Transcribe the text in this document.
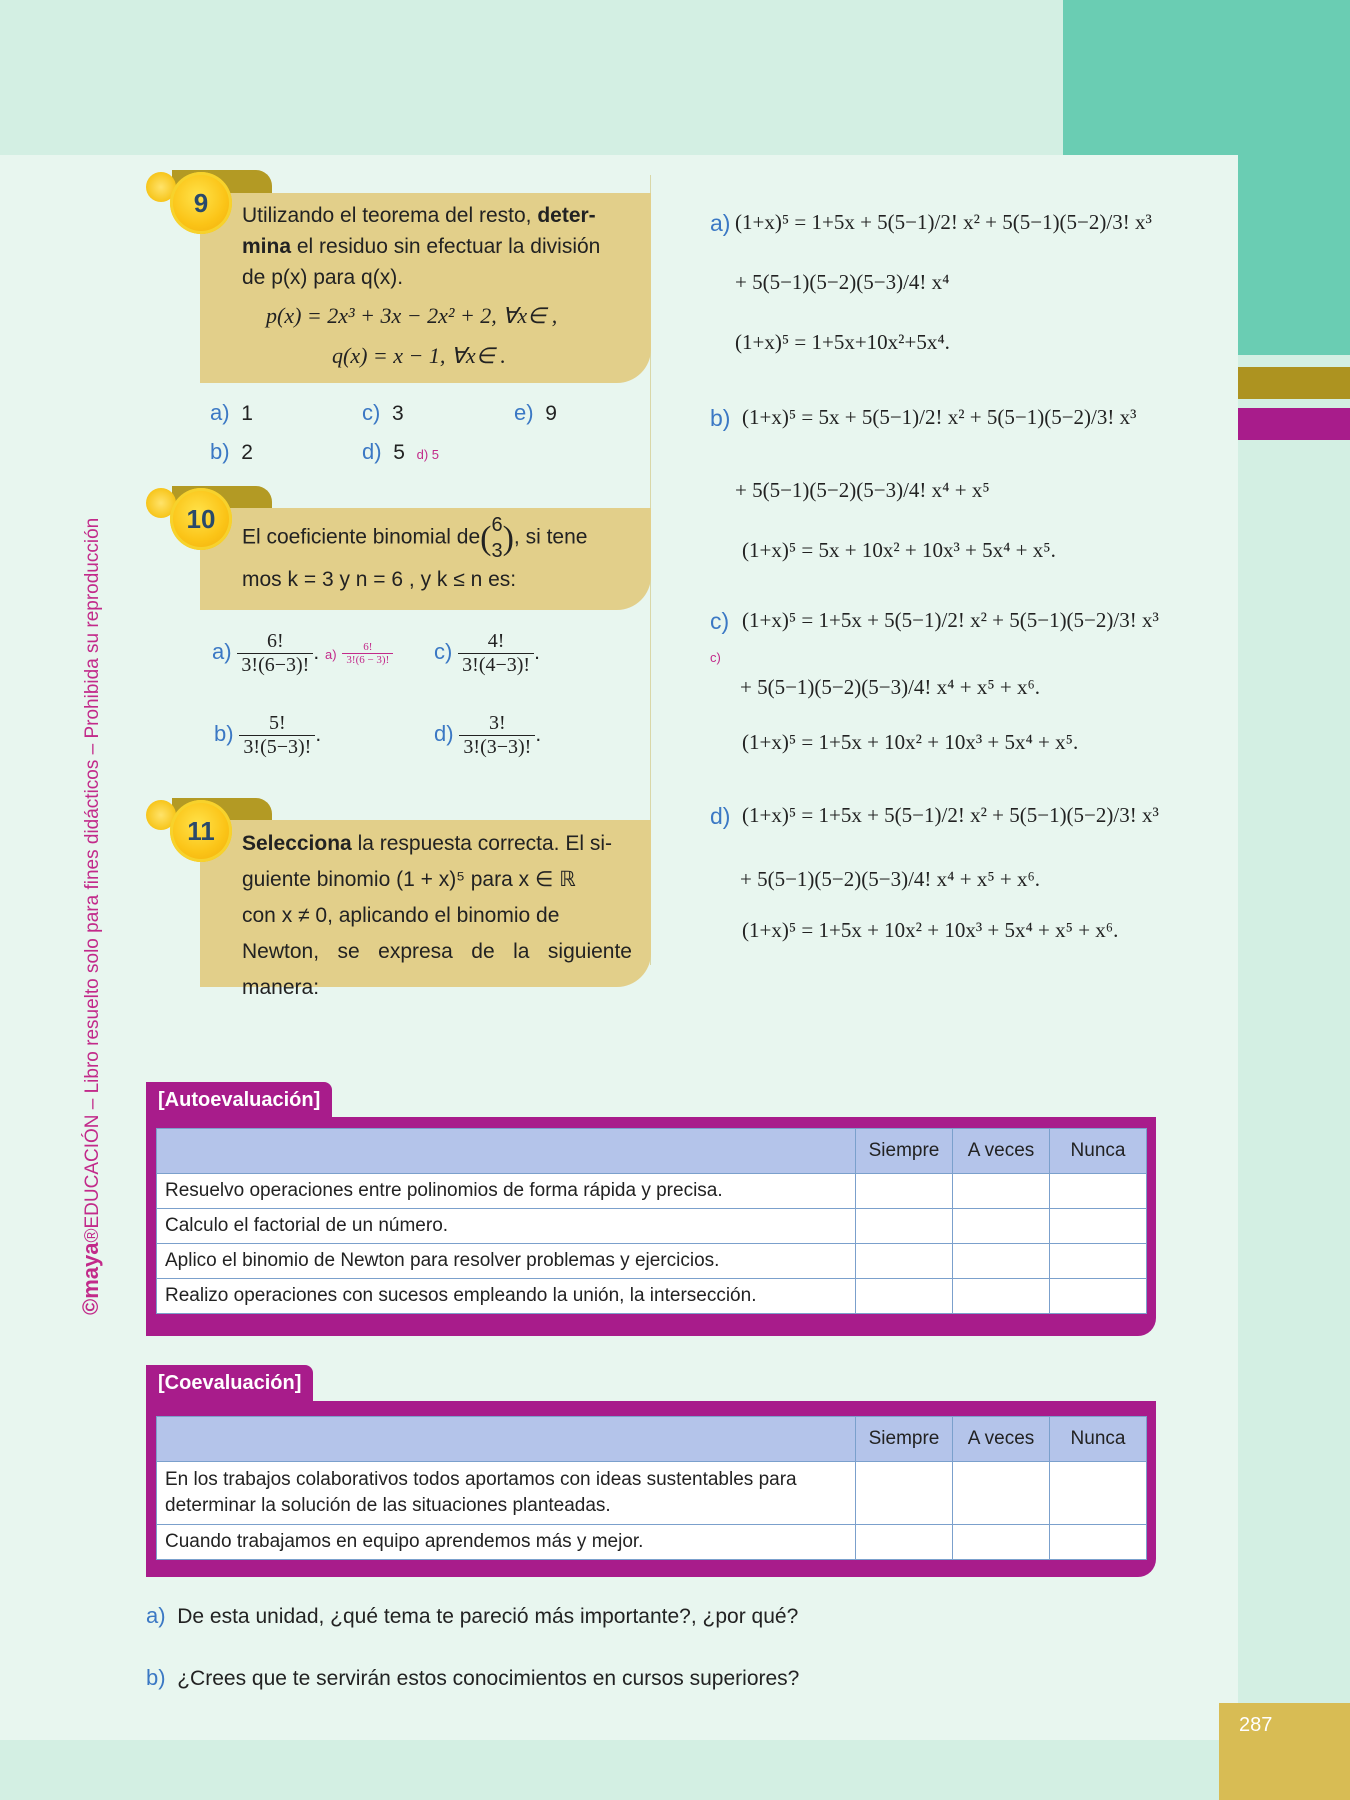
287
©maya®EDUCACIÓN – Libro resuelto solo para fines didácticos – Prohibida su reproducción
9	Utilizando el teorema del resto, deter-
mina el residuo sin efectuar la división
de p(x) para q(x).
p(x) = 2x³ + 3x − 2x² + 2, ∀x∈ ,
q(x) = x − 1, ∀x∈ .
a) 1
b) 2
c) 3
d) 5 d) 5
e) 9
10
El coeficiente binomial de(6
3), si tene
mos k = 3 y n = 6 , y k ≤ n es:
$a) \frac{6!}{3!(6-3)!}$ . $a) \frac{6!}{3!(6 - 3)!}$
$b) \frac{5!}{3!(5-3)!}$ .
$c) \frac{4!}{3!(4-3)!}$ .
$d) \frac{3!}{3!(3-3)!}$ .
11	Selecciona la respuesta correcta. El si-
guiente binomio (1 + x)⁵ para x ∈ ℝ
con x ≠ 0, aplicando el binomio de
Newton, se expresa de la siguiente manera:
a) (1+x)⁵ = 1+5x + 5(5−1)/2! x² + 5(5−1)(5−2)/3! x³
+ 5(5−1)(5−2)(5−3)/4! x⁴
(1+x)⁵ = 1+5x+10x²+5x⁴.
b) (1+x)⁵ = 5x + 5(5−1)/2! x² + 5(5−1)(5−2)/3! x³
+ 5(5−1)(5−2)(5−3)/4! x⁴ + x⁵
(1+x)⁵ = 5x + 10x² + 10x³ + 5x⁴ + x⁵.
c)
c)
(1+x)⁵ = 1+5x + 5(5−1)/2! x² + 5(5−1)(5−2)/3! x³
+ 5(5−1)(5−2)(5−3)/4! x⁴ + x⁵ + x⁶.
(1+x)⁵ = 1+5x + 10x² + 10x³ + 5x⁴ + x⁵.
d) (1+x)⁵ = 1+5x + 5(5−1)/2! x² + 5(5−1)(5−2)/3! x³
+ 5(5−1)(5−2)(5−3)/4! x⁴ + x⁵ + x⁶.
(1+x)⁵ = 1+5x + 10x² + 10x³ + 5x⁴ + x⁵ + x⁶.
[Autoevaluación]
	Siempre	A veces	Nunca
Resuelvo operaciones entre polinomios de forma rápida y precisa.			
Calculo el factorial de un número.			
Aplico el binomio de Newton para resolver problemas y ejercicios.			
Realizo operaciones con sucesos empleando la unión, la intersección.			
[Coevaluación]
	Siempre	A veces	Nunca
En los trabajos colaborativos todos aportamos con ideas sustentables para determinar la solución de las situaciones planteadas.			
Cuando trabajamos en equipo aprendemos más y mejor.			
a) De esta unidad, ¿qué tema te pareció más importante?, ¿por qué?
b) ¿Crees que te servirán estos conocimientos en cursos superiores?
